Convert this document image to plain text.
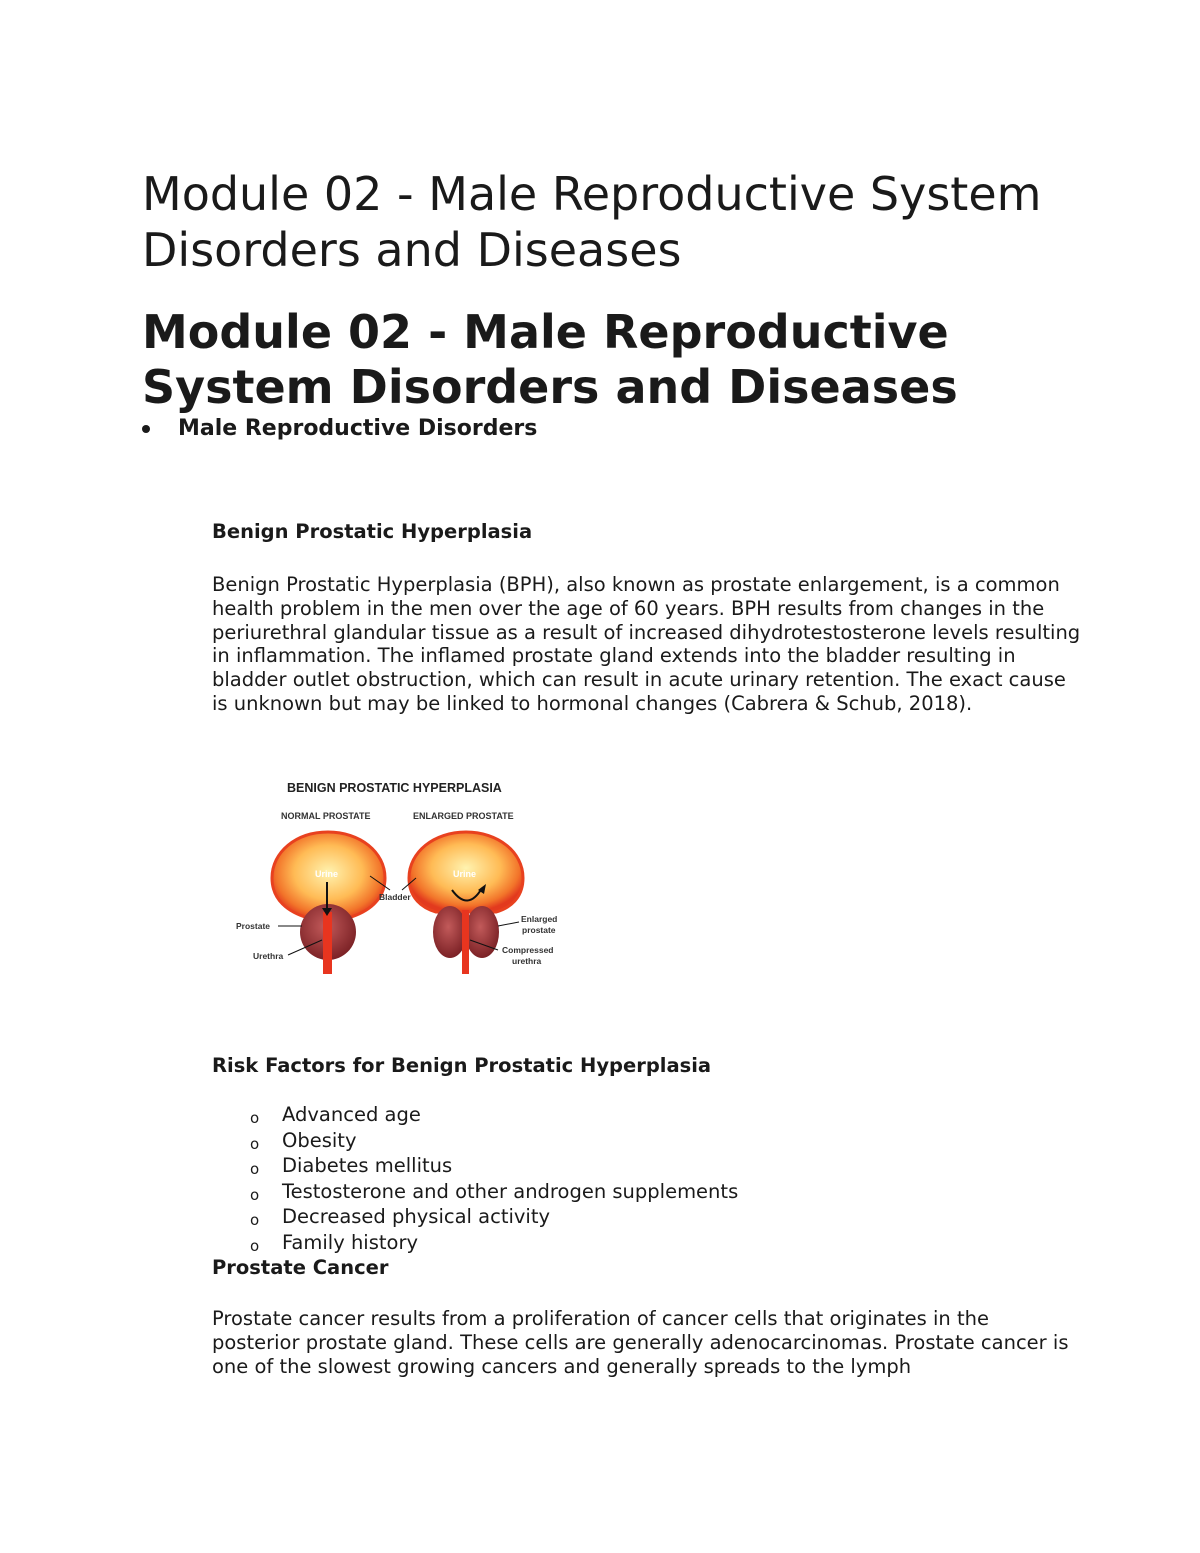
Module 02 - Male Reproductive System Disorders and Diseases
Module 02 - Male Reproductive System Disorders and Diseases
Male Reproductive Disorders
Benign Prostatic Hyperplasia

Benign Prostatic Hyperplasia (BPH), also known as prostate enlargement, is a common health problem in the men over the age of 60 years. BPH results from changes in the periurethral glandular tissue as a result of increased dihydrotestosterone levels resulting in inflammation. The inflamed prostate gland extends into the bladder resulting in bladder outlet obstruction, which can result in acute urinary retention. The exact cause is unknown but may be linked to hormonal changes (Cabrera & Schub, 2018).

BENIGN PROSTATIC HYPERPLASIA
NORMAL PROSTATE	ENLARGED PROSTATE
Urine	Urine
Bladder
Prostate
Urethra
Enlarged
prostate
Compressed
urethra
Risk Factors for Benign Prostatic Hyperplasia
o Advanced age
o Obesity
o Diabetes mellitus
o Testosterone and other androgen supplements
o Decreased physical activity
o Family history
Prostate Cancer

Prostate cancer results from a proliferation of cancer cells that originates in the posterior prostate gland. These cells are generally adenocarcinomas. Prostate cancer is one of the slowest growing cancers and generally spreads to the lymph
